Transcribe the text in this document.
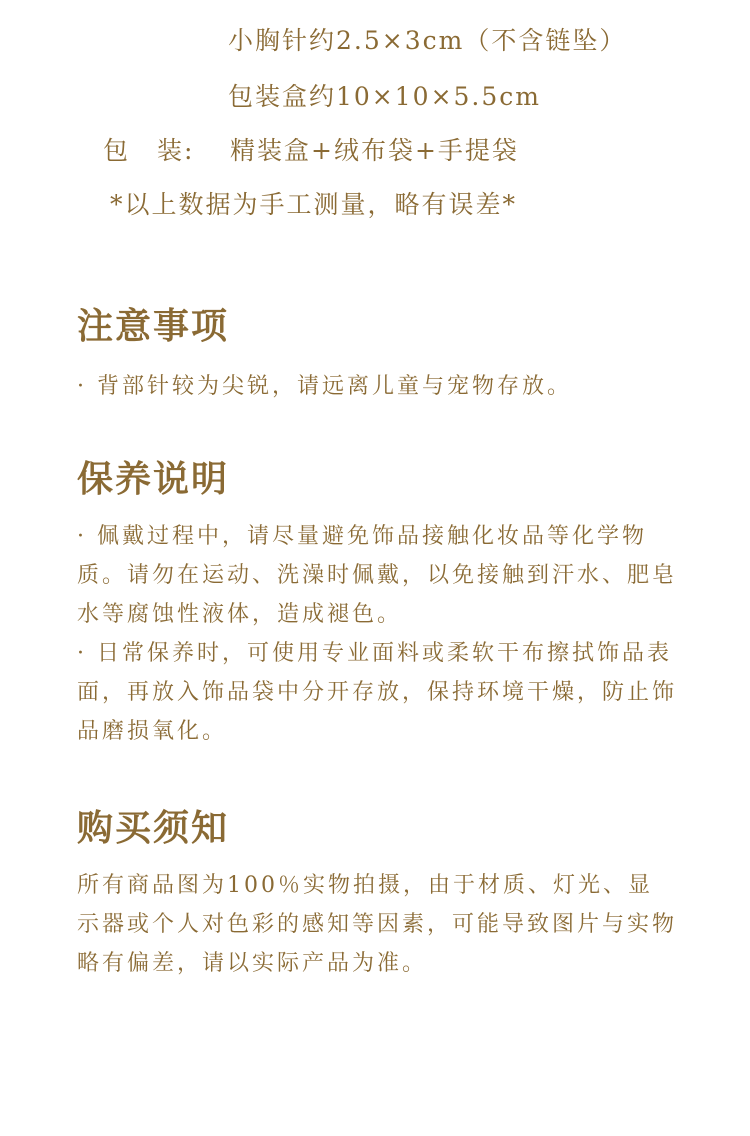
小胸针约2.5×3cm（不含链坠）
包装盒约10×10×5.5cm
包　装: 精装盒+绒布袋+手提袋
*以上数据为手工测量，略有误差*
注意事项

· 背部针较为尖锐，请远离儿童与宠物存放。

保养说明

· 佩戴过程中，请尽量避免饰品接触化妆品等化学物质。请勿在运动、洗澡时佩戴，以免接触到汗水、肥皂水等腐蚀性液体，造成褪色。

· 日常保养时，可使用专业面料或柔软干布擦拭饰品表面，再放入饰品袋中分开存放，保持环境干燥，防止饰品磨损氧化。

购买须知

所有商品图为100％实物拍摄，由于材质、灯光、显示器或个人对色彩的感知等因素，可能导致图片与实物略有偏差，请以实际产品为准。
